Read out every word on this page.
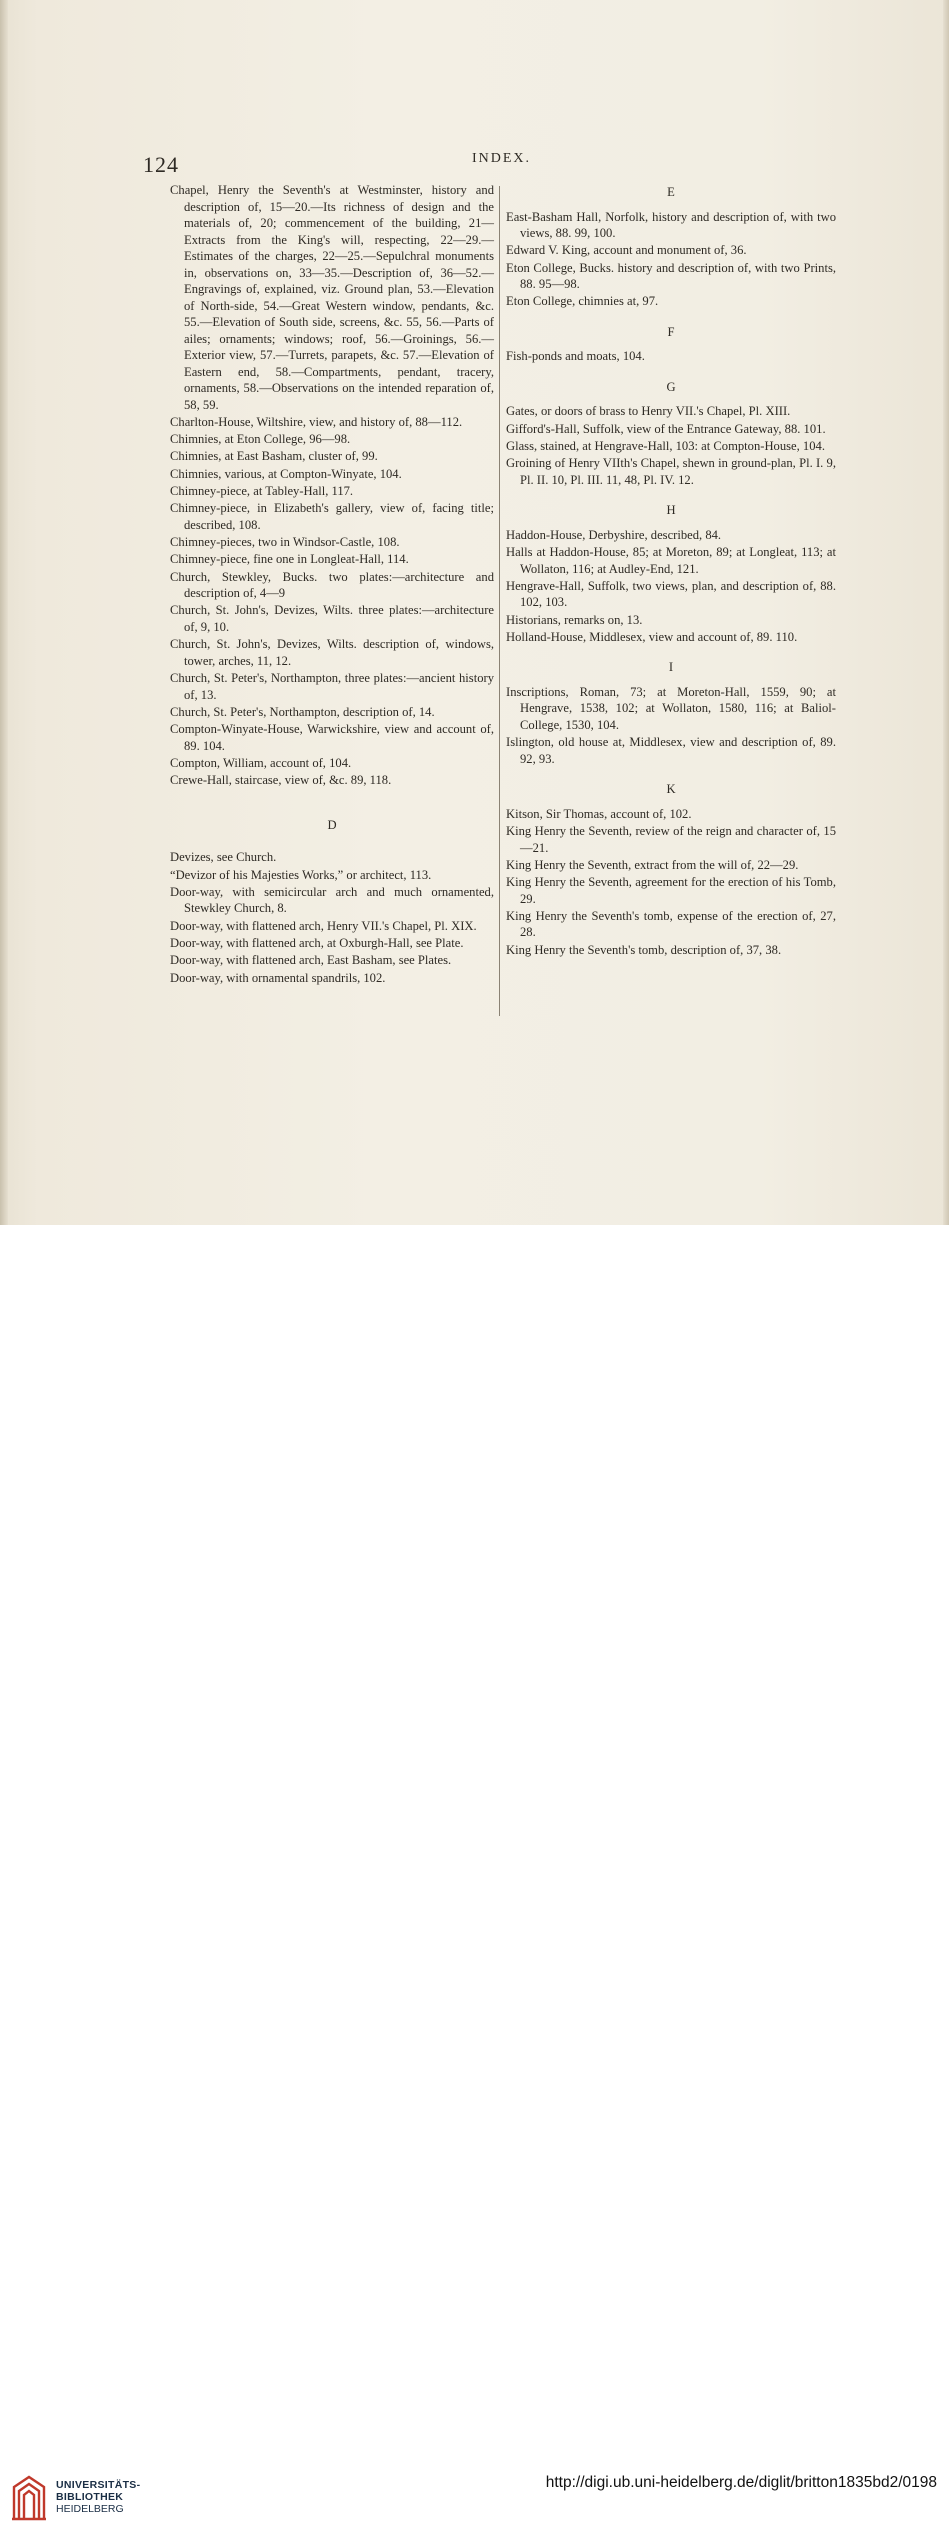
124	INDEX.

Chapel, Henry the Seventh's at Westminster, history and description of, 15—20.—Its richness of design and the materials of, 20; commencement of the building, 21—Extracts from the King's will, respecting, 22—29.—Estimates of the charges, 22—25.—Sepulchral monuments in, observations on, 33—35.—Description of, 36—52.—Engravings of, explained, viz. Ground plan, 53.—Elevation of North-side, 54.—Great Western window, pendants, &c. 55.—Elevation of South side, screens, &c. 55, 56.—Parts of ailes; ornaments; windows; roof, 56.—Groinings, 56.—Exterior view, 57.—Turrets, parapets, &c. 57.—Elevation of Eastern end, 58.—Compartments, pendant, tracery, ornaments, 58.—Observations on the intended reparation of, 58, 59.

Charlton-House, Wiltshire, view, and history of, 88—112.

Chimnies, at Eton College, 96—98.

Chimnies, at East Basham, cluster of, 99.

Chimnies, various, at Compton-Winyate, 104.

Chimney-piece, at Tabley-Hall, 117.

Chimney-piece, in Elizabeth's gallery, view of, facing title; described, 108.

Chimney-pieces, two in Windsor-Castle, 108.

Chimney-piece, fine one in Longleat-Hall, 114.

Church, Stewkley, Bucks. two plates:—architecture and description of, 4—9

Church, St. John's, Devizes, Wilts. three plates:—architecture of, 9, 10.

Church, St. John's, Devizes, Wilts. description of, windows, tower, arches, 11, 12.

Church, St. Peter's, Northampton, three plates:—ancient history of, 13.

Church, St. Peter's, Northampton, description of, 14.

Compton-Winyate-House, Warwickshire, view and account of, 89. 104.

Compton, William, account of, 104.

Crewe-Hall, staircase, view of, &c. 89, 118.

D

Devizes, see Church.

“Devizor of his Majesties Works,” or architect, 113.

Door-way, with semicircular arch and much ornamented, Stewkley Church, 8.

Door-way, with flattened arch, Henry VII.'s Chapel, Pl. XIX.

Door-way, with flattened arch, at Oxburgh-Hall, see Plate.

Door-way, with flattened arch, East Basham, see Plates.

Door-way, with ornamental spandrils, 102.

E

East-Basham Hall, Norfolk, history and description of, with two views, 88. 99, 100.

Edward V. King, account and monument of, 36.

Eton College, Bucks. history and description of, with two Prints, 88. 95—98.

Eton College, chimnies at, 97.

F

Fish-ponds and moats, 104.

G

Gates, or doors of brass to Henry VII.'s Chapel, Pl. XIII.

Gifford's-Hall, Suffolk, view of the Entrance Gateway, 88. 101.

Glass, stained, at Hengrave-Hall, 103: at Compton-House, 104.

Groining of Henry VIIth's Chapel, shewn in ground-plan, Pl. I. 9, Pl. II. 10, Pl. III. 11, 48, Pl. IV. 12.

H

Haddon-House, Derbyshire, described, 84.

Halls at Haddon-House, 85; at Moreton, 89; at Longleat, 113; at Wollaton, 116; at Audley-End, 121.

Hengrave-Hall, Suffolk, two views, plan, and description of, 88. 102, 103.

Historians, remarks on, 13.

Holland-House, Middlesex, view and account of, 89. 110.

I

Inscriptions, Roman, 73; at Moreton-Hall, 1559, 90; at Hengrave, 1538, 102; at Wollaton, 1580, 116; at Baliol-College, 1530, 104.

Islington, old house at, Middlesex, view and description of, 89. 92, 93.

K

Kitson, Sir Thomas, account of, 102.

King Henry the Seventh, review of the reign and character of, 15—21.

King Henry the Seventh, extract from the will of, 22—29.

King Henry the Seventh, agreement for the erection of his Tomb, 29.

King Henry the Seventh's tomb, expense of the erection of, 27, 28.

King Henry the Seventh's tomb, description of, 37, 38.

UNIVERSITÄTS-
BIBLIOTHEK
HEIDELBERG
http://digi.ub.uni-heidelberg.de/diglit/britton1835bd2/0198
